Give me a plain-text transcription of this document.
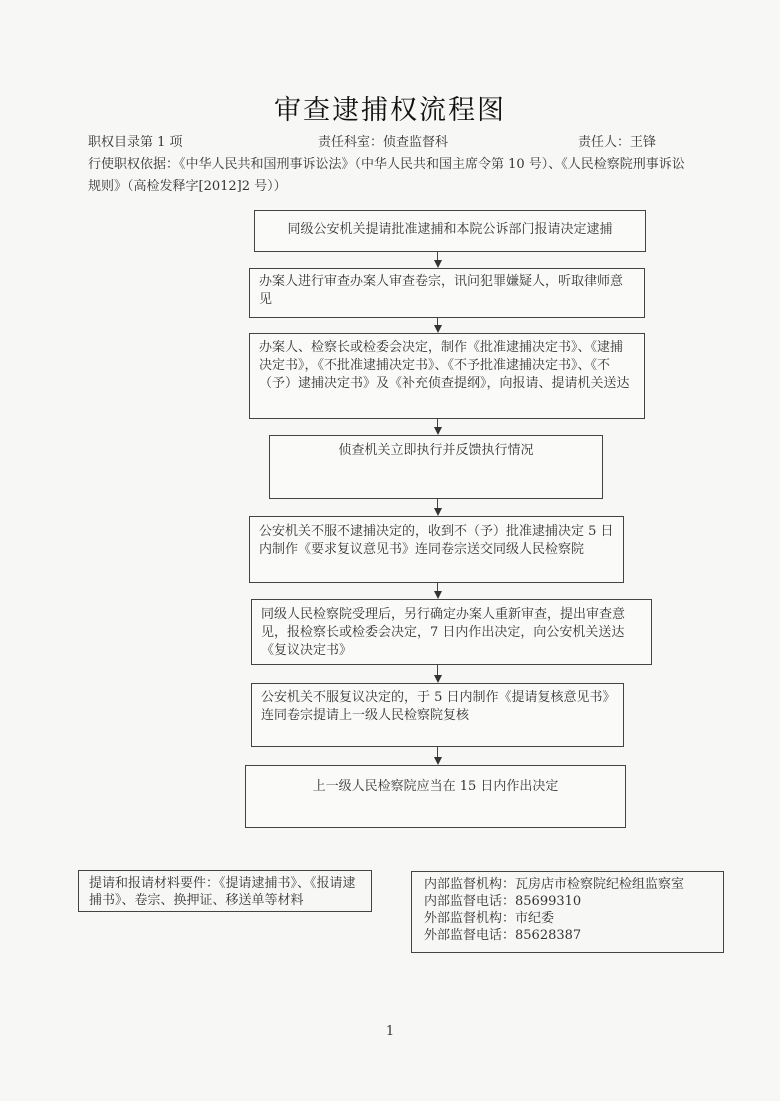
审查逮捕权流程图
职权目录第 1 项	责任科室：侦查监督科	责任人：王锋
行使职权依据：《中华人民共和国刑事诉讼法》（中华人民共和国主席令第 10 号）、《人民检察院刑事诉讼规则》（高检发释字[2012]2 号））
同级公安机关提请批准逮捕和本院公诉部门报请决定逮捕
办案人进行审查办案人审查卷宗，讯问犯罪嫌疑人，听取律师意见
办案人、检察长或检委会决定，制作《批准逮捕决定书》、《逮捕决定书》，《不批准逮捕决定书》、《不予批准逮捕决定书》、《不（予）逮捕决定书》及《补充侦查提纲》，向报请、提请机关送达
侦查机关立即执行并反馈执行情况
公安机关不服不逮捕决定的，收到不（予）批准逮捕决定 5 日内制作《要求复议意见书》连同卷宗送交同级人民检察院
同级人民检察院受理后，另行确定办案人重新审查，提出审查意见，报检察长或检委会决定，7 日内作出决定，向公安机关送达《复议决定书》
公安机关不服复议决定的，于 5 日内制作《提请复核意见书》连同卷宗提请上一级人民检察院复核
上一级人民检察院应当在 15 日内作出决定
提请和报请材料要件：《提请逮捕书》、《报请逮捕书》、卷宗、换押证、移送单等材料
内部监督机构：瓦房店市检察院纪检组监察室
内部监督电话：85699310
外部监督机构：市纪委
外部监督电话：85628387
1
